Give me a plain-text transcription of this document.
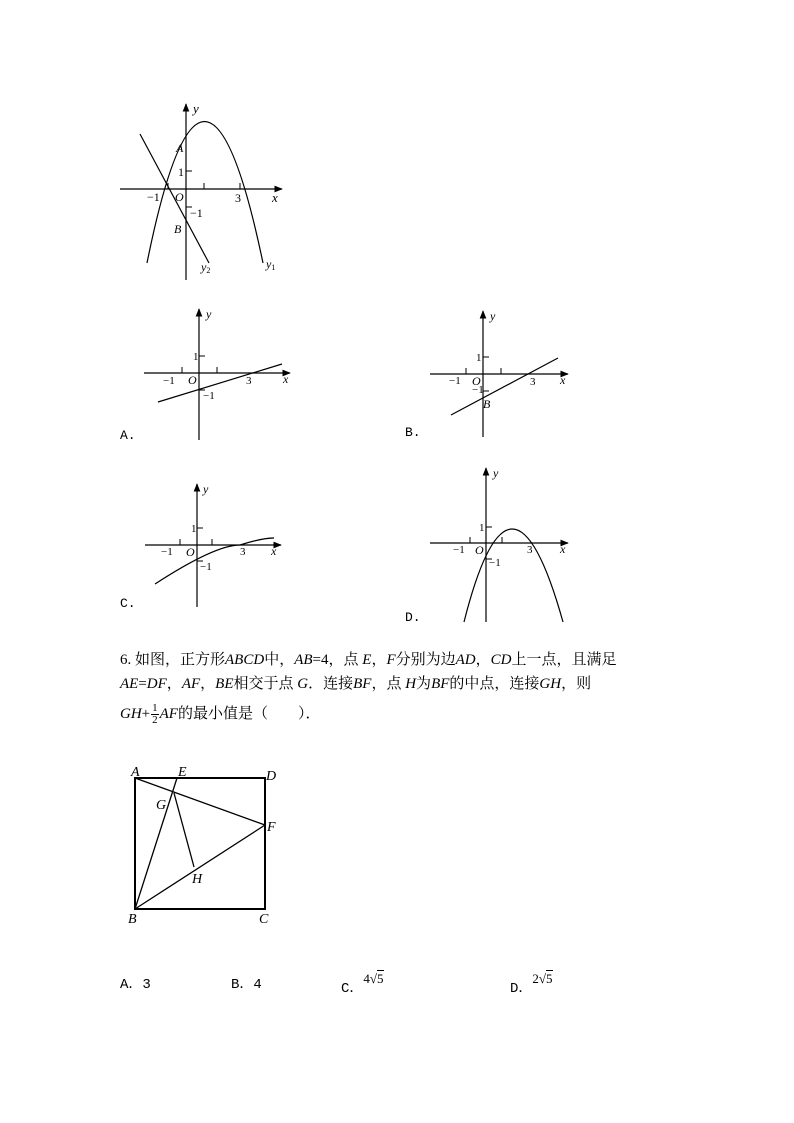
y
x
A
B
O
−1
1
−1
3
y1
y2
y
x
O
1
−1
−1
3
A.
y
x
O
1
−1
−1
3
B
B.
y
x
O
1
−1
−1
3
C.
y
x
O
1
−1
−1
3
D.
6. 如图，正方形ABCD中，AB=4，点 E，F分别为边AD，CD上一点，且满足
AE=DF，AF，BE相交于点 G．连接BF，点 H为BF的中点，连接GH，则
$GH+ \frac{1}{2}$ AF的最小值是（　　）．
A	E	D
G
F
H
B	C
A．3	B．4	C．4√5
D．2√5
